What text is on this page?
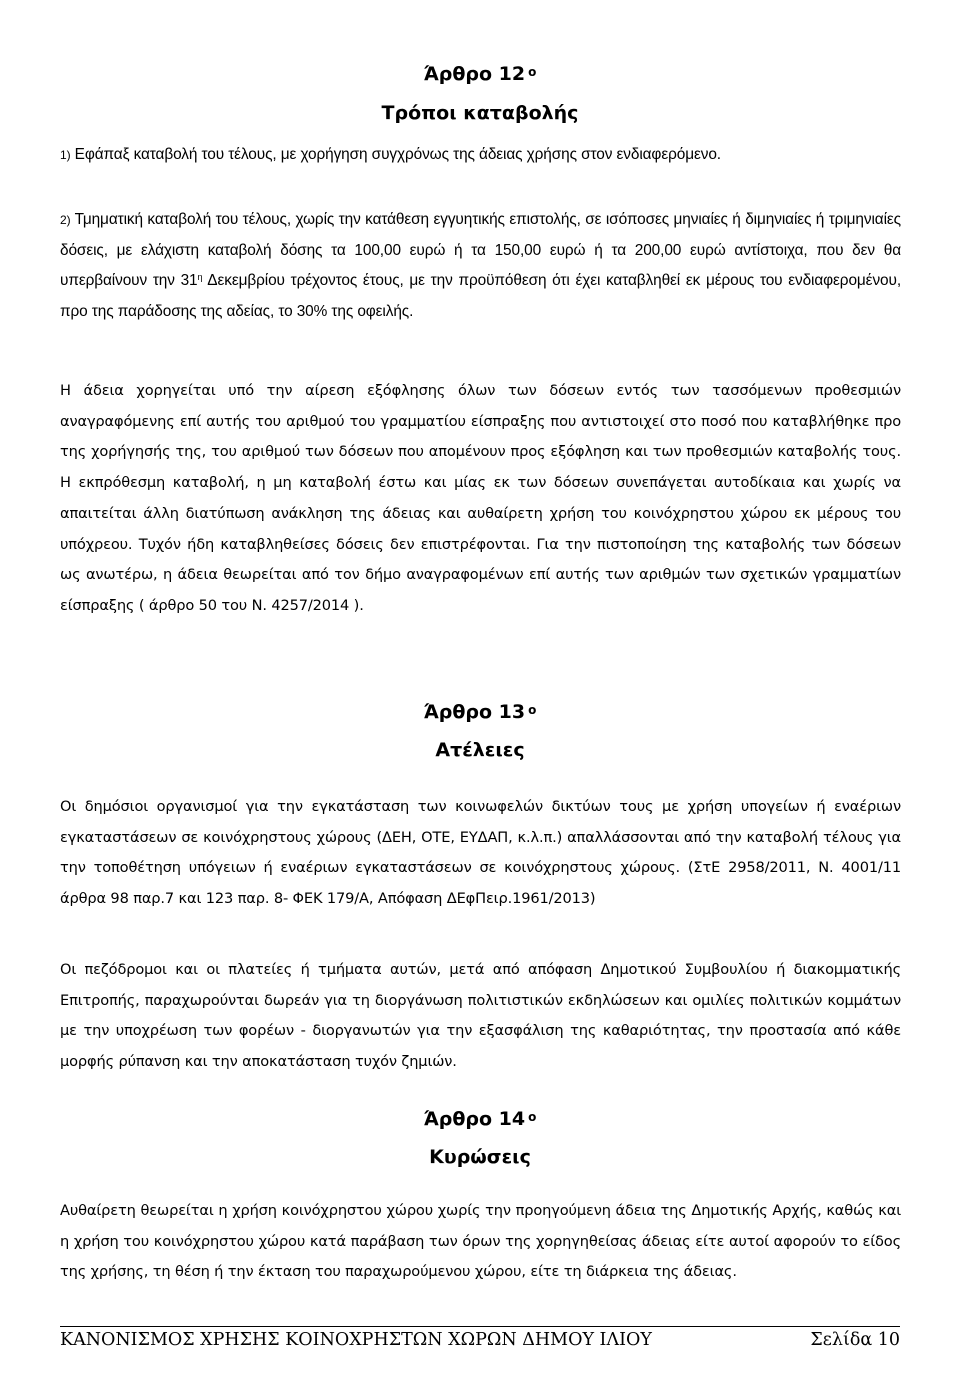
Άρθρο 12 $^o$
Τρόποι καταβολής

1) Εφάπαξ καταβολή του τέλους, με χορήγηση συγχρόνως της άδειας χρήσης στον ενδιαφερόμενο.

2) Τμηματική καταβολή του τέλους, χωρίς την κατάθεση εγγυητικής επιστολής, σε ισόποσες μηνιαίες ή διμηνιαίες ή τριμηνιαίες δόσεις, με ελάχιστη καταβολή δόσης τα 100,00 ευρώ ή τα 150,00 ευρώ ή τα 200,00 ευρώ αντίστοιχα, που δεν θα υπερβαίνουν την $31^\eta$ Δεκεμβρίου τρέχοντος έτους, με την προϋπόθεση ότι έχει καταβληθεί εκ μέρους του ενδιαφερομένου, προ της παράδοσης της αδείας, το 30% της οφειλής.

Η άδεια χορηγείται υπό την αίρεση εξόφλησης όλων των δόσεων εντός των τασσόμενων προθεσμιών αναγραφόμενης επί αυτής του αριθμού του γραμματίου είσπραξης που αντιστοιχεί στο ποσό που καταβλήθηκε προ της χορήγησής της, του αριθμού των δόσεων που απομένουν προς εξόφληση και των προθεσμιών καταβολής τους. Η εκπρόθεσμη καταβολή, η μη καταβολή έστω και μίας εκ των δόσεων συνεπάγεται αυτοδίκαια και χωρίς να απαιτείται άλλη διατύπωση ανάκληση της άδειας και αυθαίρετη χρήση του κοινόχρηστου χώρου εκ μέρους του υπόχρεου. Τυχόν ήδη καταβληθείσες δόσεις δεν επιστρέφονται. Για την πιστοποίηση της καταβολής των δόσεων ως ανωτέρω, η άδεια θεωρείται από τον δήμο αναγραφομένων επί αυτής των αριθμών των σχετικών γραμματίων είσπραξης ( άρθρο 50 του Ν. 4257/2014 ).

Άρθρο 13 $^o$
Ατέλειες

Οι δημόσιοι οργανισμοί για την εγκατάσταση των κοινωφελών δικτύων τους με χρήση υπογείων ή εναέριων εγκαταστάσεων σε κοινόχρηστους χώρους (ΔΕΗ, ΟΤΕ, ΕΥΔΑΠ, κ.λ.π.) απαλλάσσονται από την καταβολή τέλους για την τοποθέτηση υπόγειων ή εναέριων εγκαταστάσεων σε κοινόχρηστους χώρους. (ΣτΕ 2958/2011, Ν. 4001/11 άρθρα 98 παρ.7 και 123 παρ. 8- ΦΕΚ 179/Α, Απόφαση ΔΕφΠειρ.1961/2013)

Οι πεζόδρομοι και οι πλατείες ή τμήματα αυτών, μετά από απόφαση Δημοτικού Συμβουλίου ή διακομματικής Επιτροπής, παραχωρούνται δωρεάν για τη διοργάνωση πολιτιστικών εκδηλώσεων και ομιλίες πολιτικών κομμάτων με την υποχρέωση των φορέων - διοργανωτών για την εξασφάλιση της καθαριότητας, την προστασία από κάθε μορφής ρύπανση και την αποκατάσταση τυχόν ζημιών.

Άρθρο 14 $^o$
Κυρώσεις

Αυθαίρετη θεωρείται η χρήση κοινόχρηστου χώρου χωρίς την προηγούμενη άδεια της Δημοτικής Αρχής, καθώς και η χρήση του κοινόχρηστου χώρου κατά παράβαση των όρων της χορηγηθείσας άδειας είτε αυτοί αφορούν το είδος της χρήσης, τη θέση ή την έκταση του παραχωρούμενου χώρου, είτε τη διάρκεια της άδειας.

ΚΑΝΟΝΙΣΜΟΣ ΧΡΗΣΗΣ ΚΟΙΝΟΧΡΗΣΤΩΝ ΧΩΡΩΝ ΔΗΜΟΥ ΙΛΙΟΥ	Σελίδα 10
